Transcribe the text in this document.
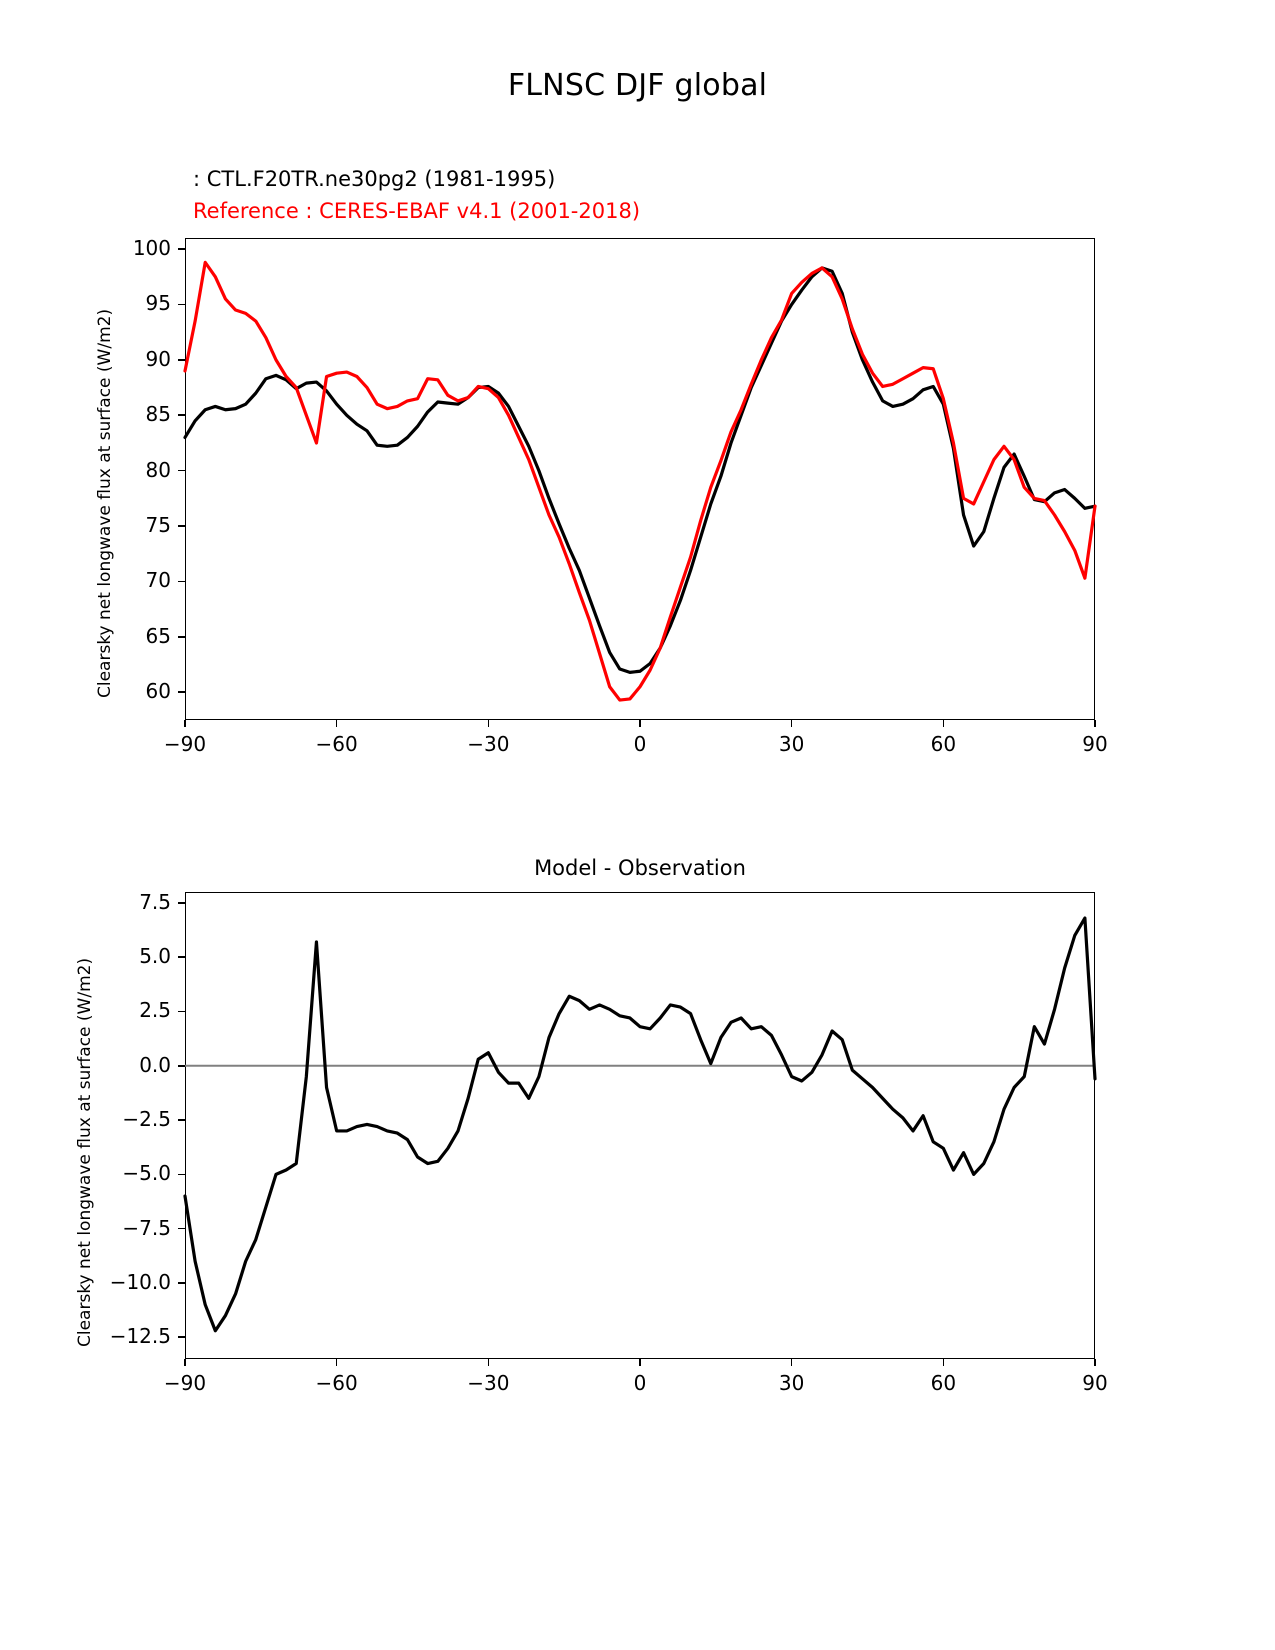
FLNSC DJF global
: CTL.F20TR.ne30pg2 (1981-1995)
Reference : CERES-EBAF v4.1 (2001-2018)
Clearsky net longwave flux at surface (W/m2)	60
65
70
75
80
85
90
95
100
−90	−60	−30	0	30	60	90
Model - Observation
Clearsky net longwave flux at surface (W/m2) −12.5
−10.0
−7.5
−5.0
−2.5
0.0
2.5
5.0
7.5
−90	−60	−30	0	30	60	90
